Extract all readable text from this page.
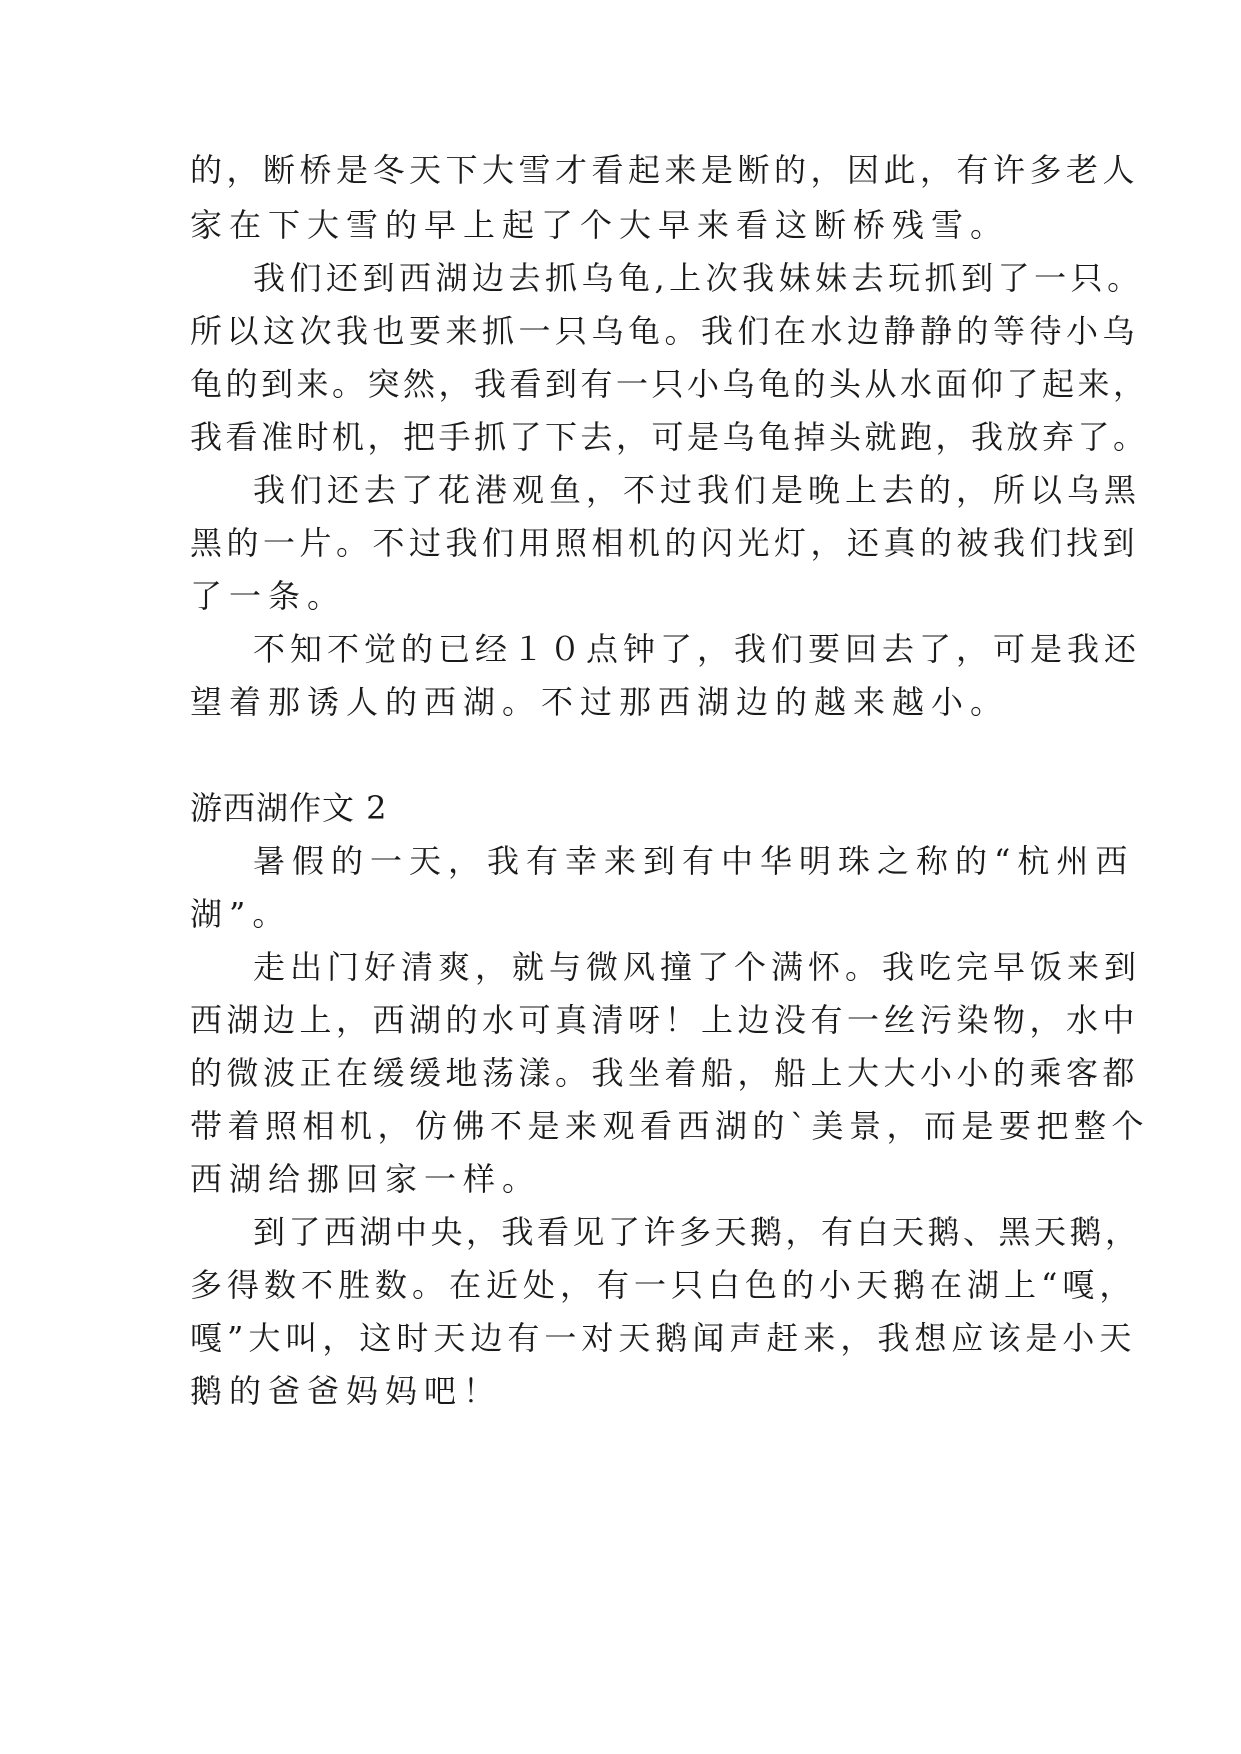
的，断桥是冬天下大雪才看起来是断的，因此，有许多老人
家在下大雪的早上起了个大早来看这断桥残雪。
我们还到西湖边去抓乌龟,上次我妹妹去玩抓到了一只。
所以这次我也要来抓一只乌龟。我们在水边静静的等待小乌
龟的到来。突然，我看到有一只小乌龟的头从水面仰了起来，
我看准时机，把手抓了下去，可是乌龟掉头就跑，我放弃了。
我们还去了花港观鱼，不过我们是晚上去的，所以乌黑
黑的一片。不过我们用照相机的闪光灯，还真的被我们找到
了一条。
不知不觉的已经１０点钟了，我们要回去了，可是我还
望着那诱人的西湖。不过那西湖边的越来越小。
游西湖作文 2
暑假的一天，我有幸来到有中华明珠之称的“杭州西
湖”。
走出门好清爽，就与微风撞了个满怀。我吃完早饭来到
西湖边上，西湖的水可真清呀！上边没有一丝污染物，水中
的微波正在缓缓地荡漾。我坐着船，船上大大小小的乘客都
带着照相机，仿佛不是来观看西湖的`美景，而是要把整个
西湖给挪回家一样。
到了西湖中央，我看见了许多天鹅，有白天鹅、黑天鹅，
多得数不胜数。在近处，有一只白色的小天鹅在湖上“嘎，
嘎”大叫，这时天边有一对天鹅闻声赶来，我想应该是小天
鹅的爸爸妈妈吧！
